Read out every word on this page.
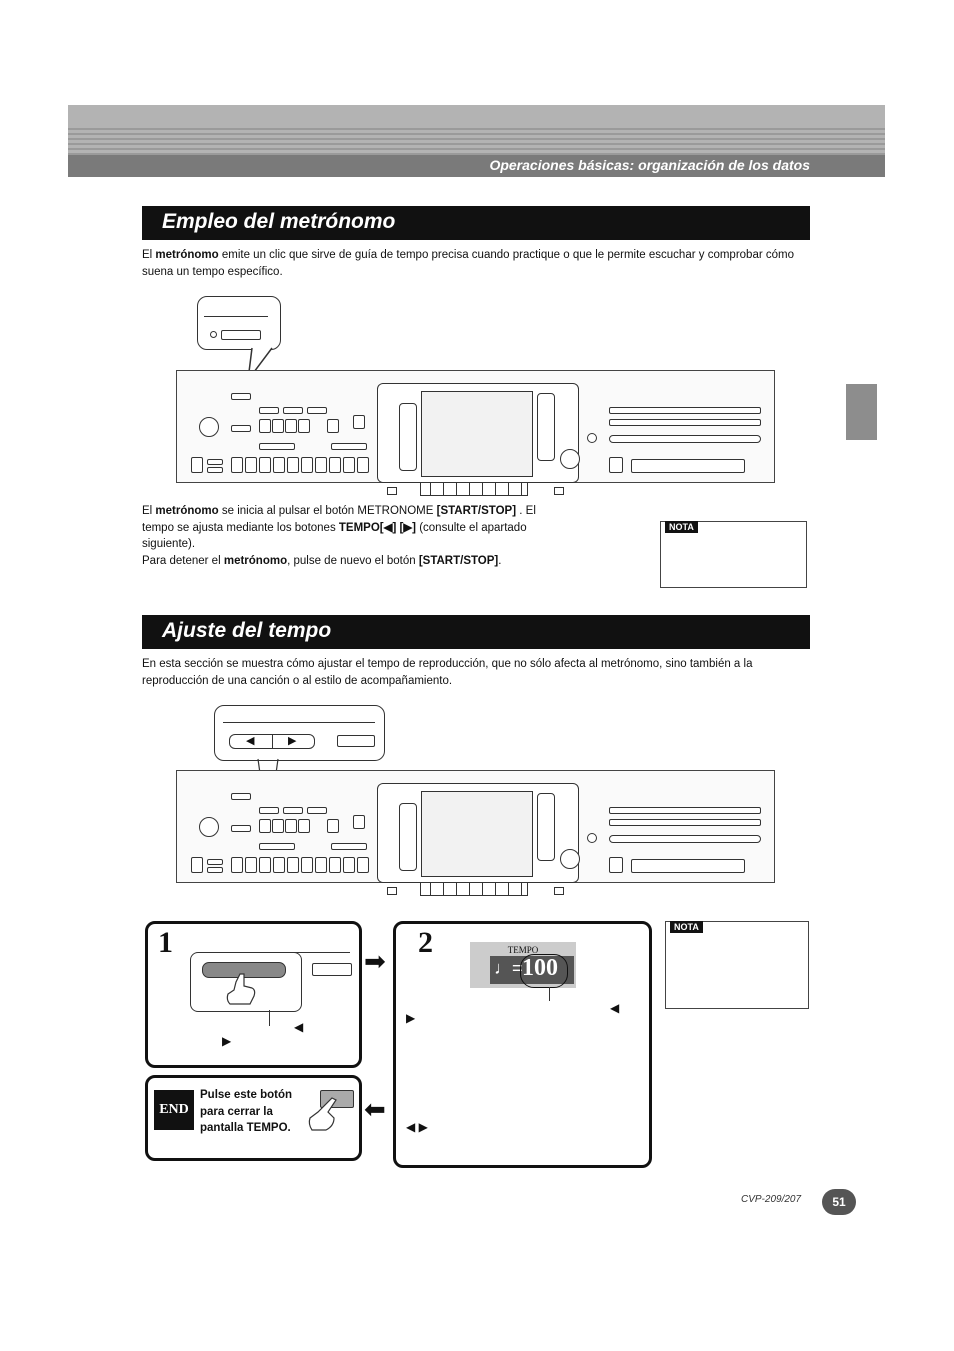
Operaciones básicas: organización de los datos
Empleo del metrónomo
El metrónomo emite un clic que sirve de guía de tempo precisa cuando practique o que le permite escuchar y comprobar cómo suena un tempo específico.
El metrónomo se inicia al pulsar el botón METRONOME [START/STOP] . El tempo se ajusta mediante los botones TEMPO[◀] [▶] (consulte el apartado siguiente).
Para detener el metrónomo, pulse de nuevo el botón [START/STOP].
NOTA
Ajuste del tempo
En esta sección se muestra cómo ajustar el tempo de reproducción, que no sólo afecta al metrónomo, sino también a la reproducción de una canción o al estilo de acompañamiento.
◀	▶
1
◀
▶
➡
⬅
2	TEMPO
♩= 100
◀
▶
◀ ▶
END
Pulse este botón para cerrar la pantalla TEMPO.
NOTA
CVP-209/207	51
